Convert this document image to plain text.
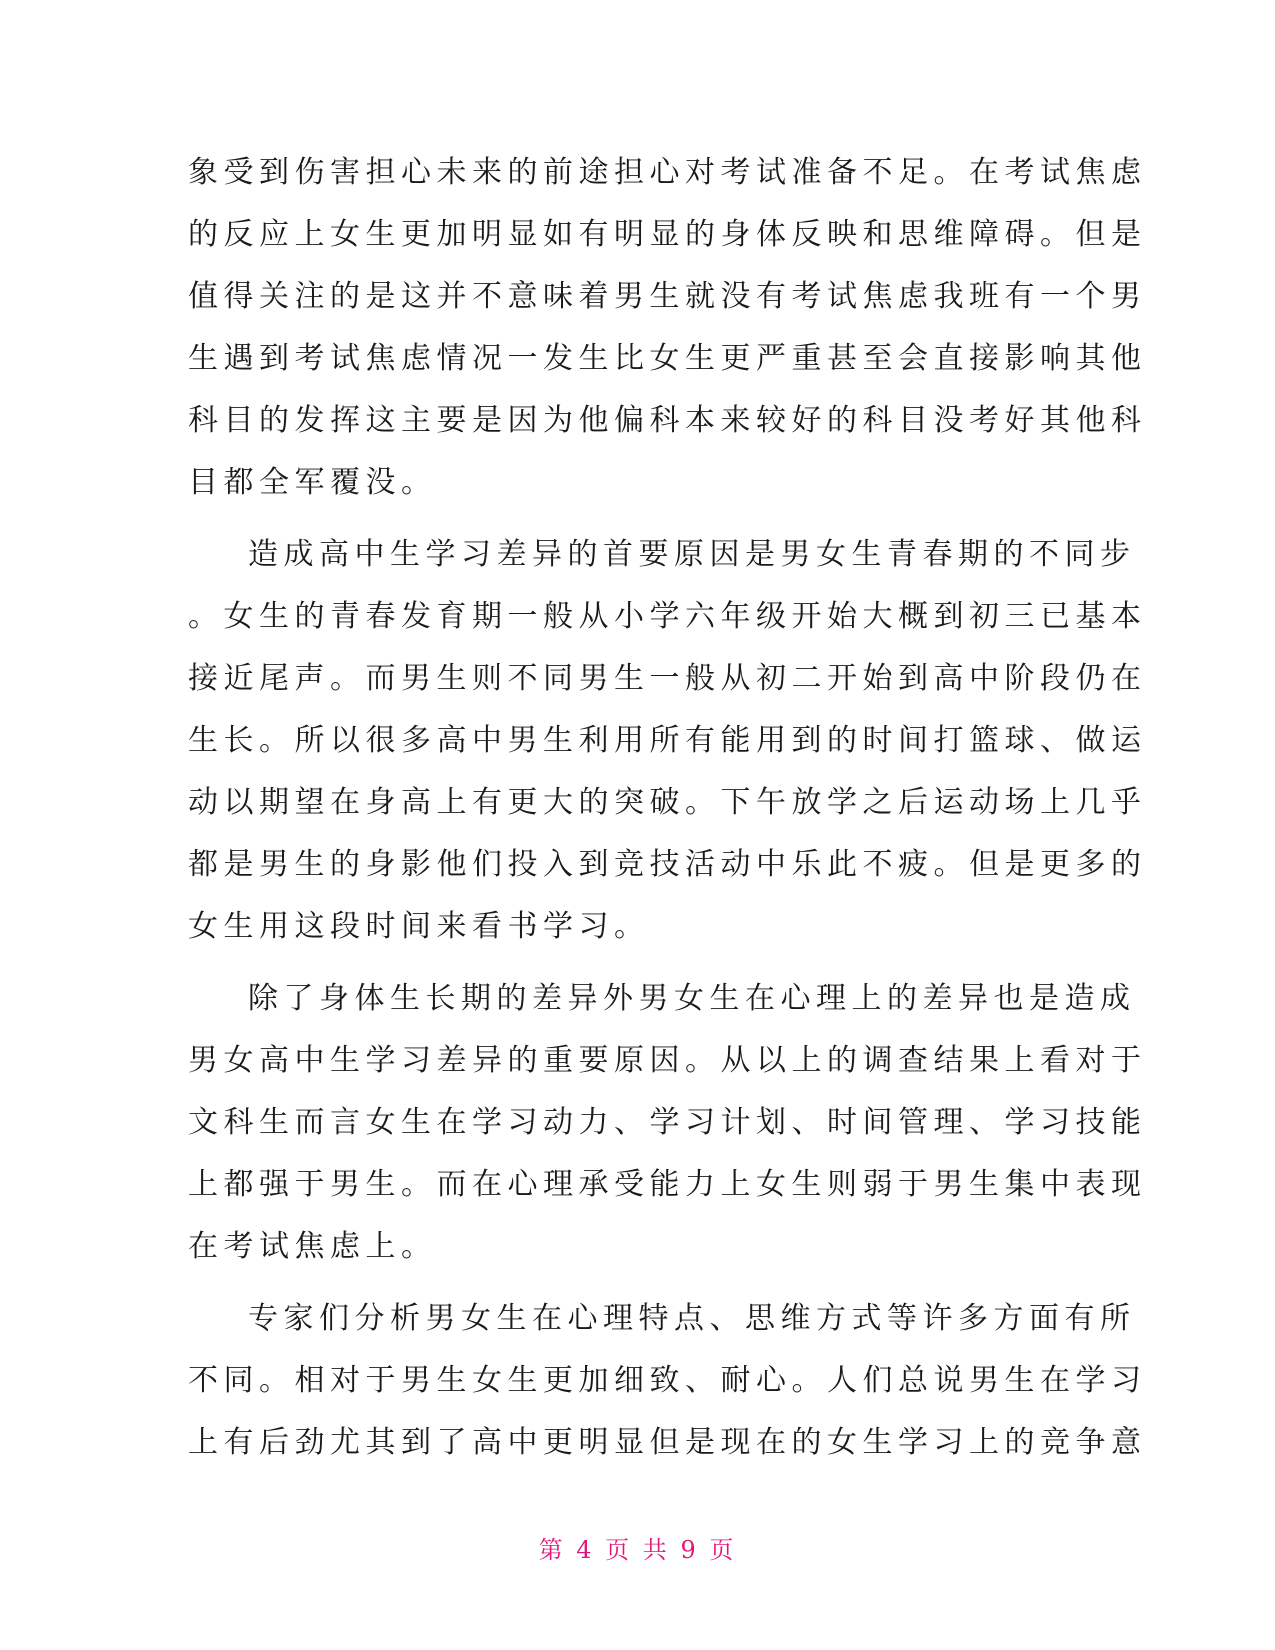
象受到伤害担心未来的前途担心对考试准备不足。在考试焦虑
的反应上女生更加明显如有明显的身体反映和思维障碍。但是
值得关注的是这并不意味着男生就没有考试焦虑我班有一个男
生遇到考试焦虑情况一发生比女生更严重甚至会直接影响其他
科目的发挥这主要是因为他偏科本来较好的科目没考好其他科
目都全军覆没。
造成高中生学习差异的首要原因是男女生青春期的不同步
。女生的青春发育期一般从小学六年级开始大概到初三已基本
接近尾声。而男生则不同男生一般从初二开始到高中阶段仍在
生长。所以很多高中男生利用所有能用到的时间打篮球、做运
动以期望在身高上有更大的突破。下午放学之后运动场上几乎
都是男生的身影他们投入到竞技活动中乐此不疲。但是更多的
女生用这段时间来看书学习。
除了身体生长期的差异外男女生在心理上的差异也是造成
男女高中生学习差异的重要原因。从以上的调查结果上看对于
文科生而言女生在学习动力、学习计划、时间管理、学习技能
上都强于男生。而在心理承受能力上女生则弱于男生集中表现
在考试焦虑上。
专家们分析男女生在心理特点、思维方式等许多方面有所
不同。相对于男生女生更加细致、耐心。人们总说男生在学习
上有后劲尤其到了高中更明显但是现在的女生学习上的竞争意
第 4 页 共 9 页
